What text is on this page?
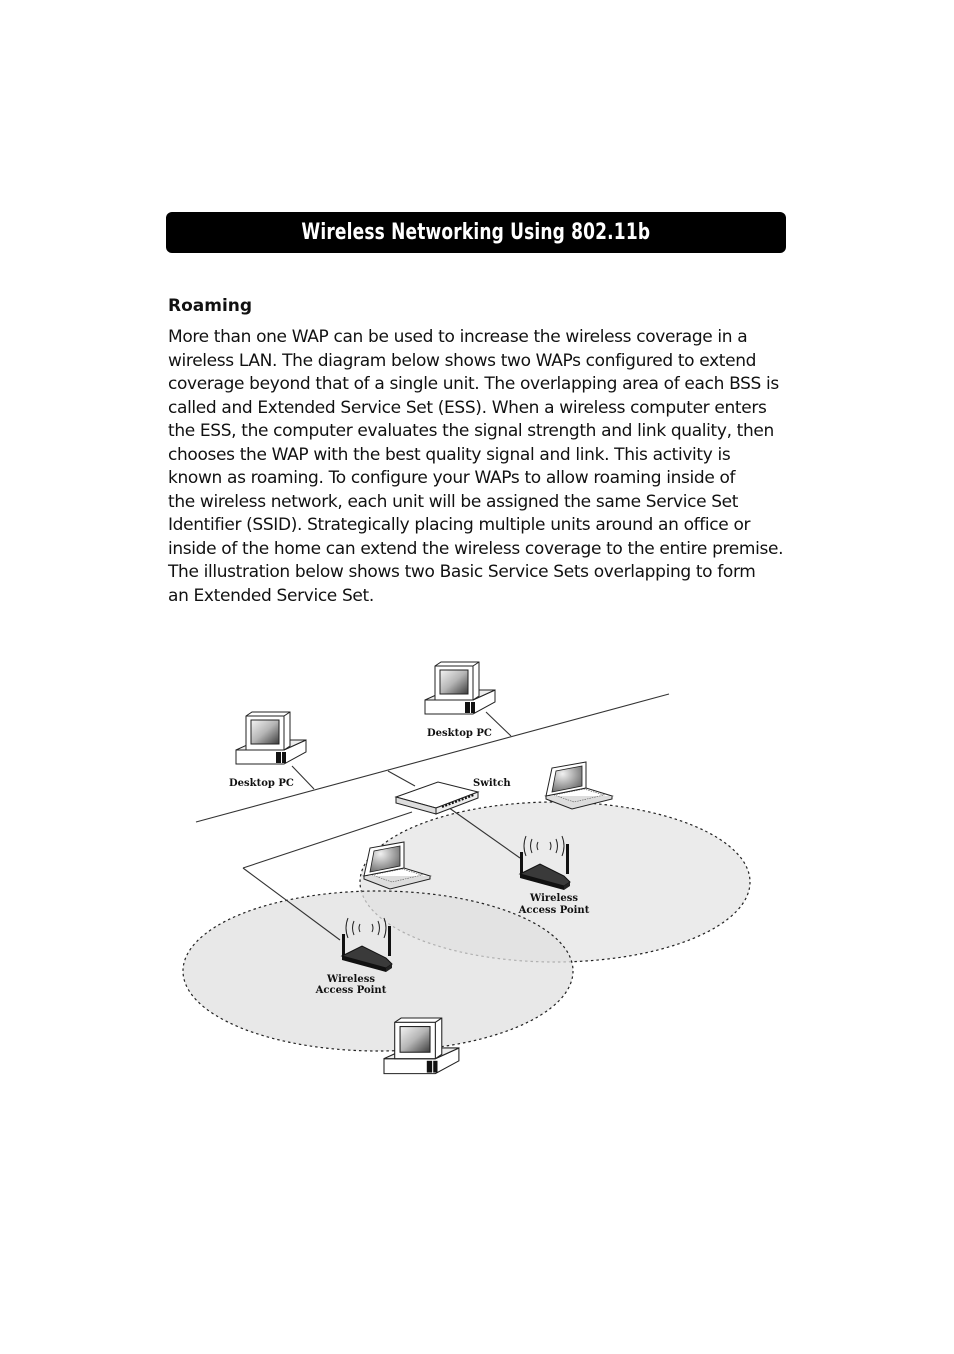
Wireless Networking Using 802.11b
Roaming

More than one WAP can be used to increase the wireless coverage in a
wireless LAN. The diagram below shows two WAPs configured to extend
coverage beyond that of a single unit. The overlapping area of each BSS is
called and Extended Service Set (ESS). When a wireless computer enters
the ESS, the computer evaluates the signal strength and link quality, then
chooses the WAP with the best quality signal and link. This activity is
known as roaming. To configure your WAPs to allow roaming inside of
the wireless network, each unit will be assigned the same Service Set
Identifier (SSID). Strategically placing multiple units around an office or
inside of the home can extend the wireless coverage to the entire premise.
The illustration below shows two Basic Service Sets overlapping to form
an Extended Service Set.

Desktop PC
Desktop PC	Switch
Wireless
Access Point
Wireless
Access Point
